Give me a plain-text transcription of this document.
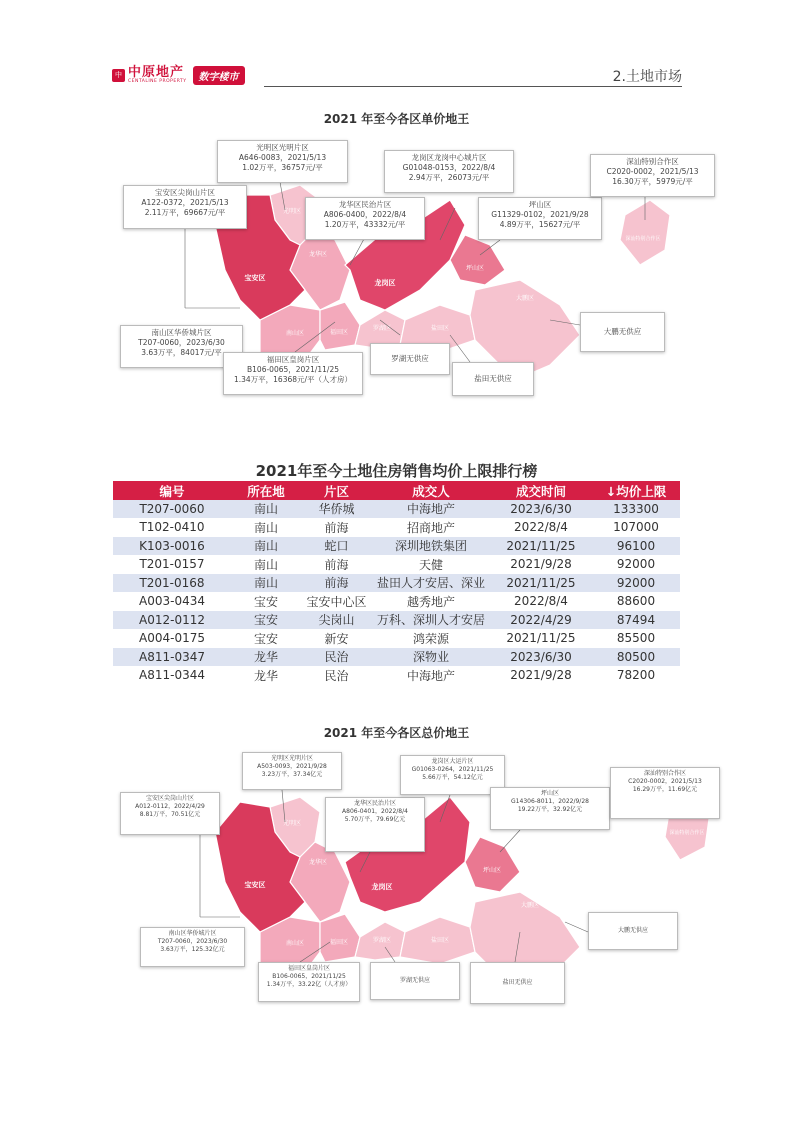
中原
中原地产
CENTALINE PROPERTY	数字楼市	2.土地市场
2021 年至今各区单价地王
宝安区
龙岗区
坪山区
龙华区
光明区
南山区	福田区
罗湖区	盐田区
大鹏区
深汕特别合作区
光明区光明片区
A646-0083，2021/5/13
1.02万平，36757元/平
宝安区尖岗山片区
A122-0372，2021/5/13
2.11万平，69667元/平
龙华区民治片区
A806-0400，2022/8/4
1.20万平，43332元/平
龙岗区龙岗中心城片区
G01048-0153，2022/8/4
2.94万平，26073元/平
坪山区
G11329-0102，2021/9/28
4.89万平，15627元/平
深汕特别合作区
C2020-0002，2021/5/13
16.30万平，5979元/平
南山区华侨城片区
T207-0060，2023/6/30
3.63万平，84017元/平
福田区皇岗片区
B106-0065，2021/11/25
1.34万平，16368元/平（人才房）
罗湖无供应
盐田无供应
大鹏无供应
2021年至今土地住房销售均价上限排行榜
编号	所在地	片区	成交人	成交时间	↓均价上限
T207-0060	南山	华侨城	中海地产	2023/6/30	133300
T102-0410	南山	前海	招商地产	2022/8/4	107000
K103-0016	南山	蛇口	深圳地铁集团	2021/11/25	96100
T201-0157	南山	前海	天健	2021/9/28	92000
T201-0168	南山	前海	盐田人才安居、深业	2021/11/25	92000
A003-0434	宝安	宝安中心区	越秀地产	2022/8/4	88600
A012-0112	宝安	尖岗山	万科、深圳人才安居	2022/4/29	87494
A004-0175	宝安	新安	鸿荣源	2021/11/25	85500
A811-0347	龙华	民治	深物业	2023/6/30	80500
A811-0344	龙华	民治	中海地产	2021/9/28	78200
2021 年至今各区总价地王
宝安区	龙岗区
坪山区
龙华区
光明区
南山区	福田区	罗湖区	盐田区
大鹏区
深汕特别合作区
光明区光明片区
A503-0093，2021/9/28
3.23万平，37.34亿元
宝安区尖岗山片区
A012-0112，2022/4/29
8.81万平，70.51亿元
龙华区民治片区
A806-0401，2022/8/4
5.70万平，79.69亿元
龙岗区大运片区
G01063-0264，2021/11/25
5.66万平，54.12亿元
坪山区
G14306-8011，2022/9/28
19.22万平，32.92亿元
深汕特别合作区
C2020-0002，2021/5/13
16.29万平，11.69亿元
南山区华侨城片区
T207-0060，2023/6/30
3.63万平，125.32亿元
福田区皇岗片区
B106-0065，2021/11/25
1.34万平，33.22亿（人才房）
罗湖无供应	盐田无供应
大鹏无供应
